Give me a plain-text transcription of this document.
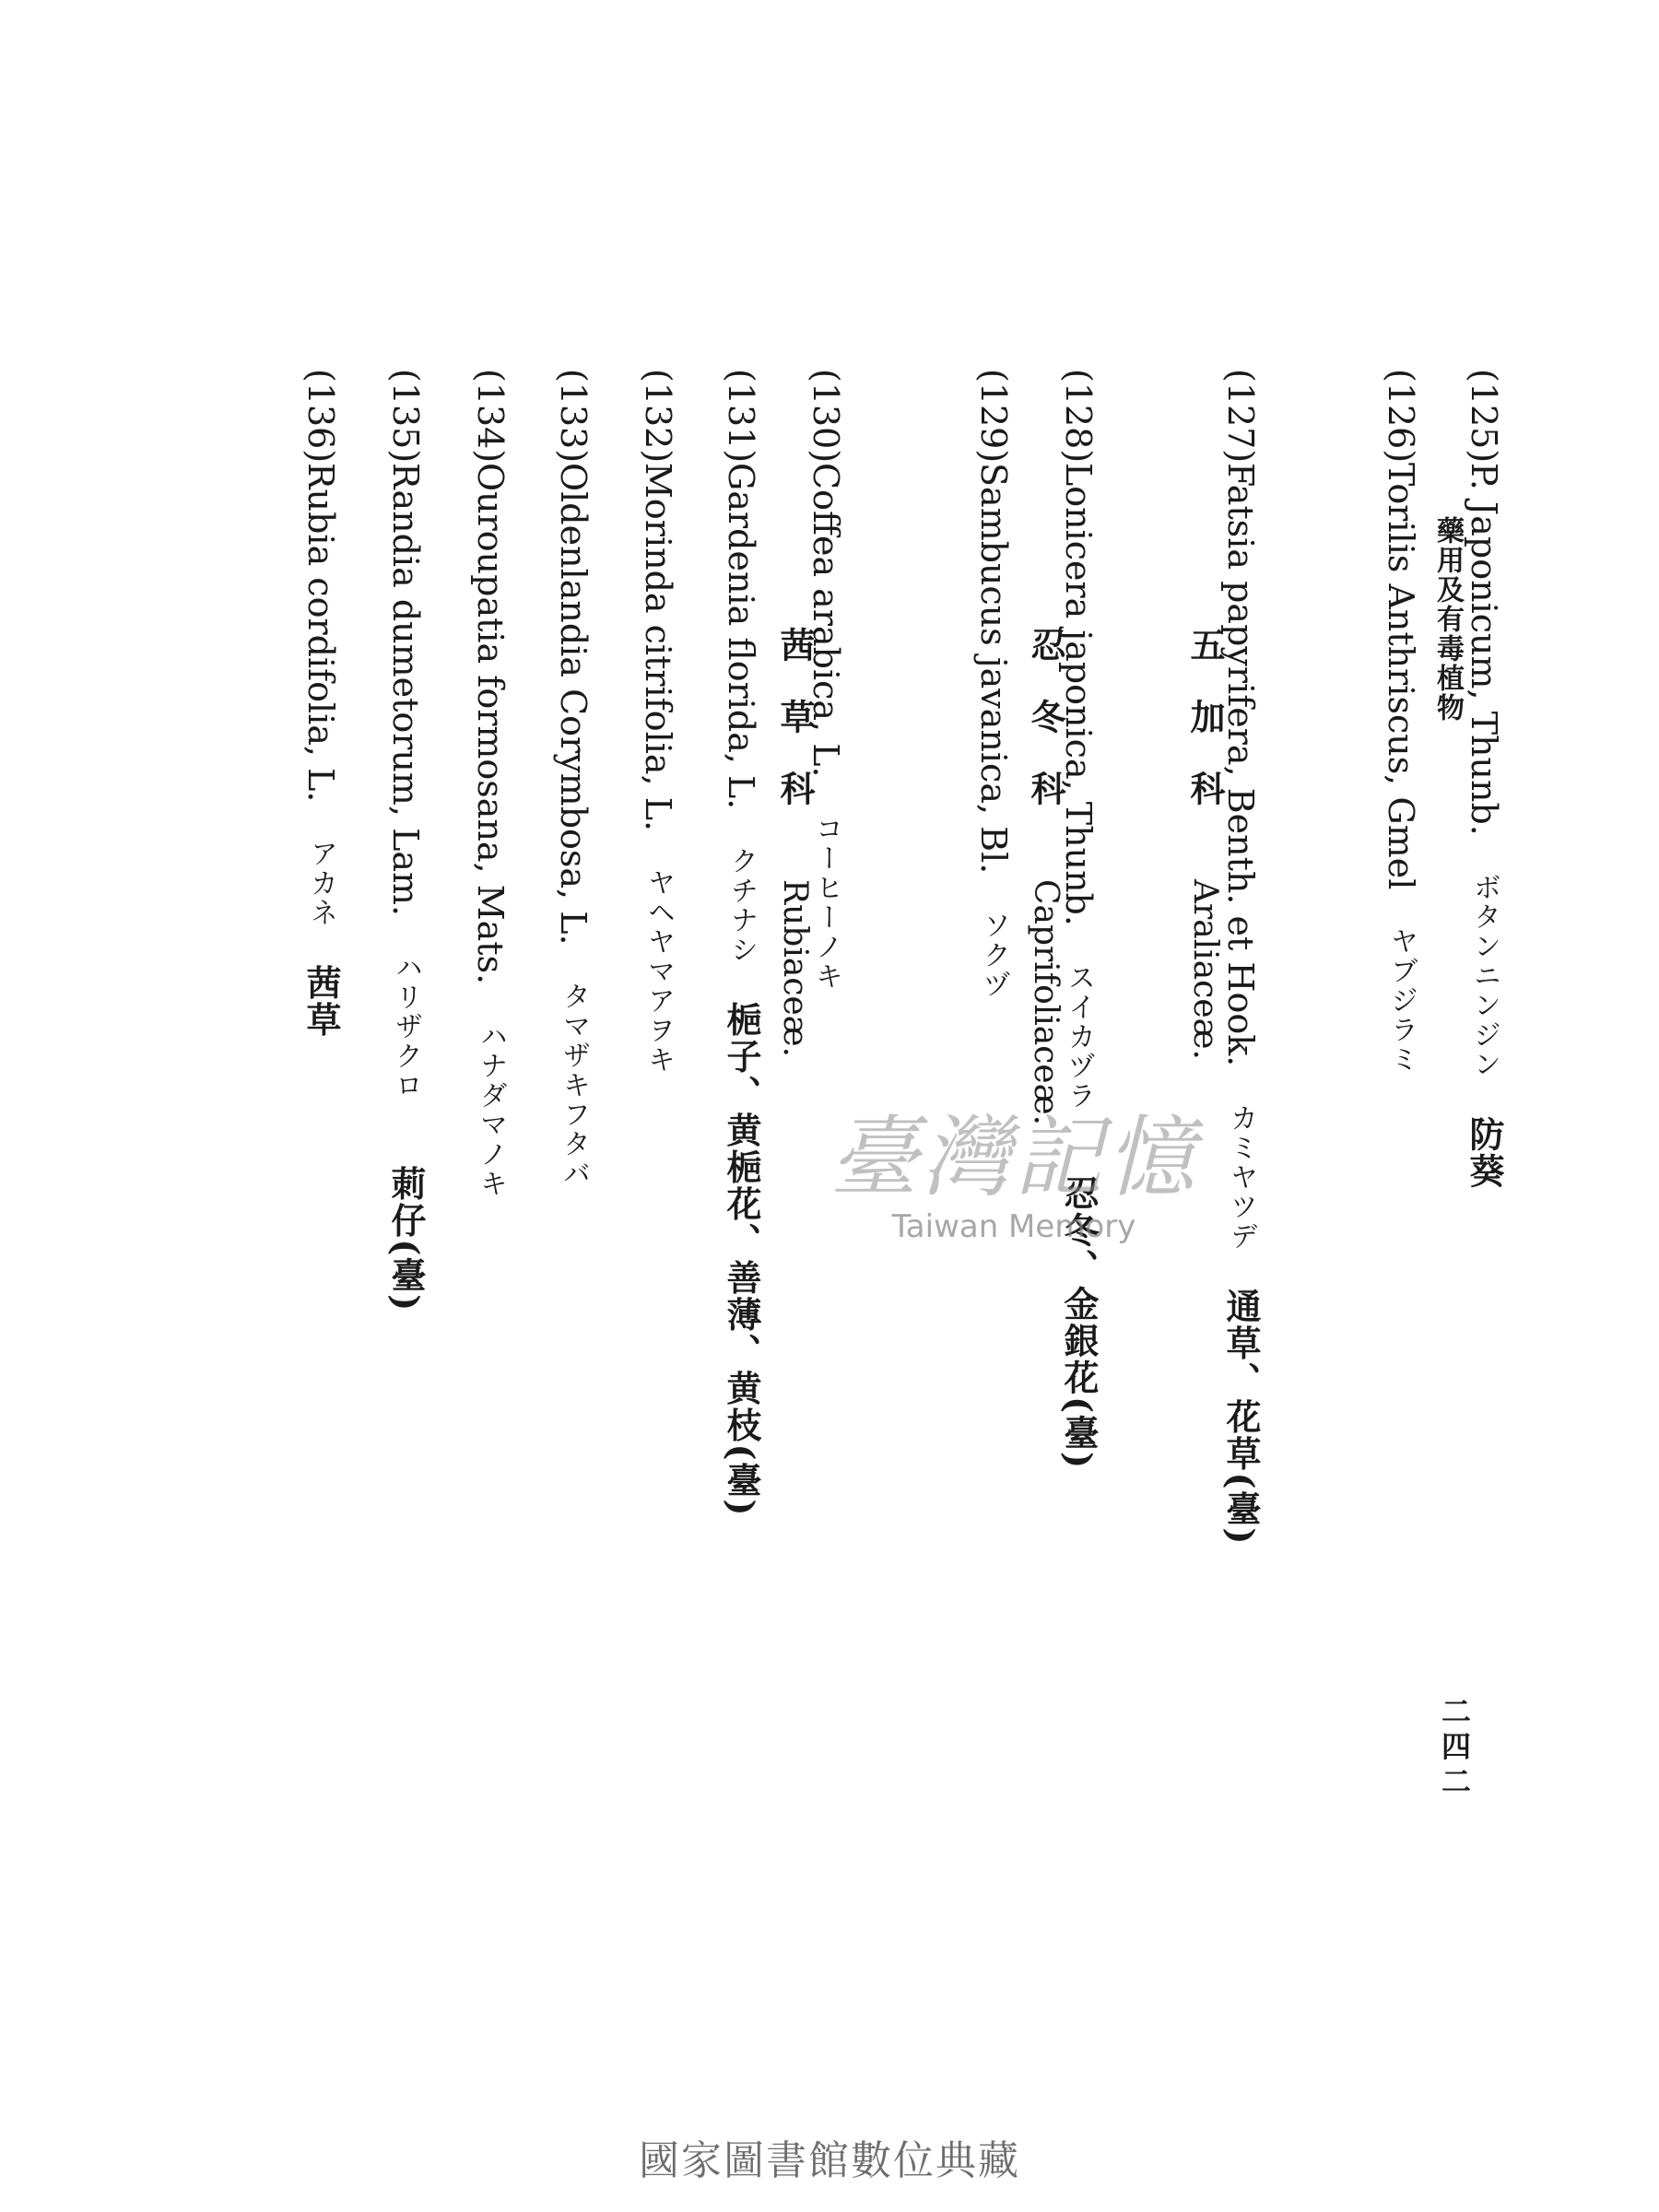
藥用及有毒植物
二四二
(125)P. Japonicum, Thunb.ボタンニンジン防葵
(126)Torilis Anthriscus, Gmelヤブジラミ
五加科Araliaceæ.
(127)Fatsia papyrifera, Benth. et Hook.カミヤツデ通草、花草(臺)
忍冬科Caprifoliaceæ.
(128)Lonicera japonica, Thunb.スイカヅラ忍冬、金銀花(臺)
(129)Sambucus javanica, Bl.ソクヅ
茜草科Rubiaceæ.
(130)Coffea arabica, L.コーヒーノキ
(131)Gardenia florida, L.クチナシ梔子、黄梔花、善薄、黄枝(臺)
(132)Morinda citrifolia, L.ヤヘヤマアヲキ
(133)Oldenlandia Corymbosa, L.タマザキフタバ
(134)Ouroupatia formosana, Mats.ハナダマノキ
(135)Randia dumetorum, Lam.ハリザクロ莿仔(臺)
(136)Rubia cordifolia, L.アカネ茜草
臺灣記憶
Taiwan Memory
國家圖書館數位典藏
